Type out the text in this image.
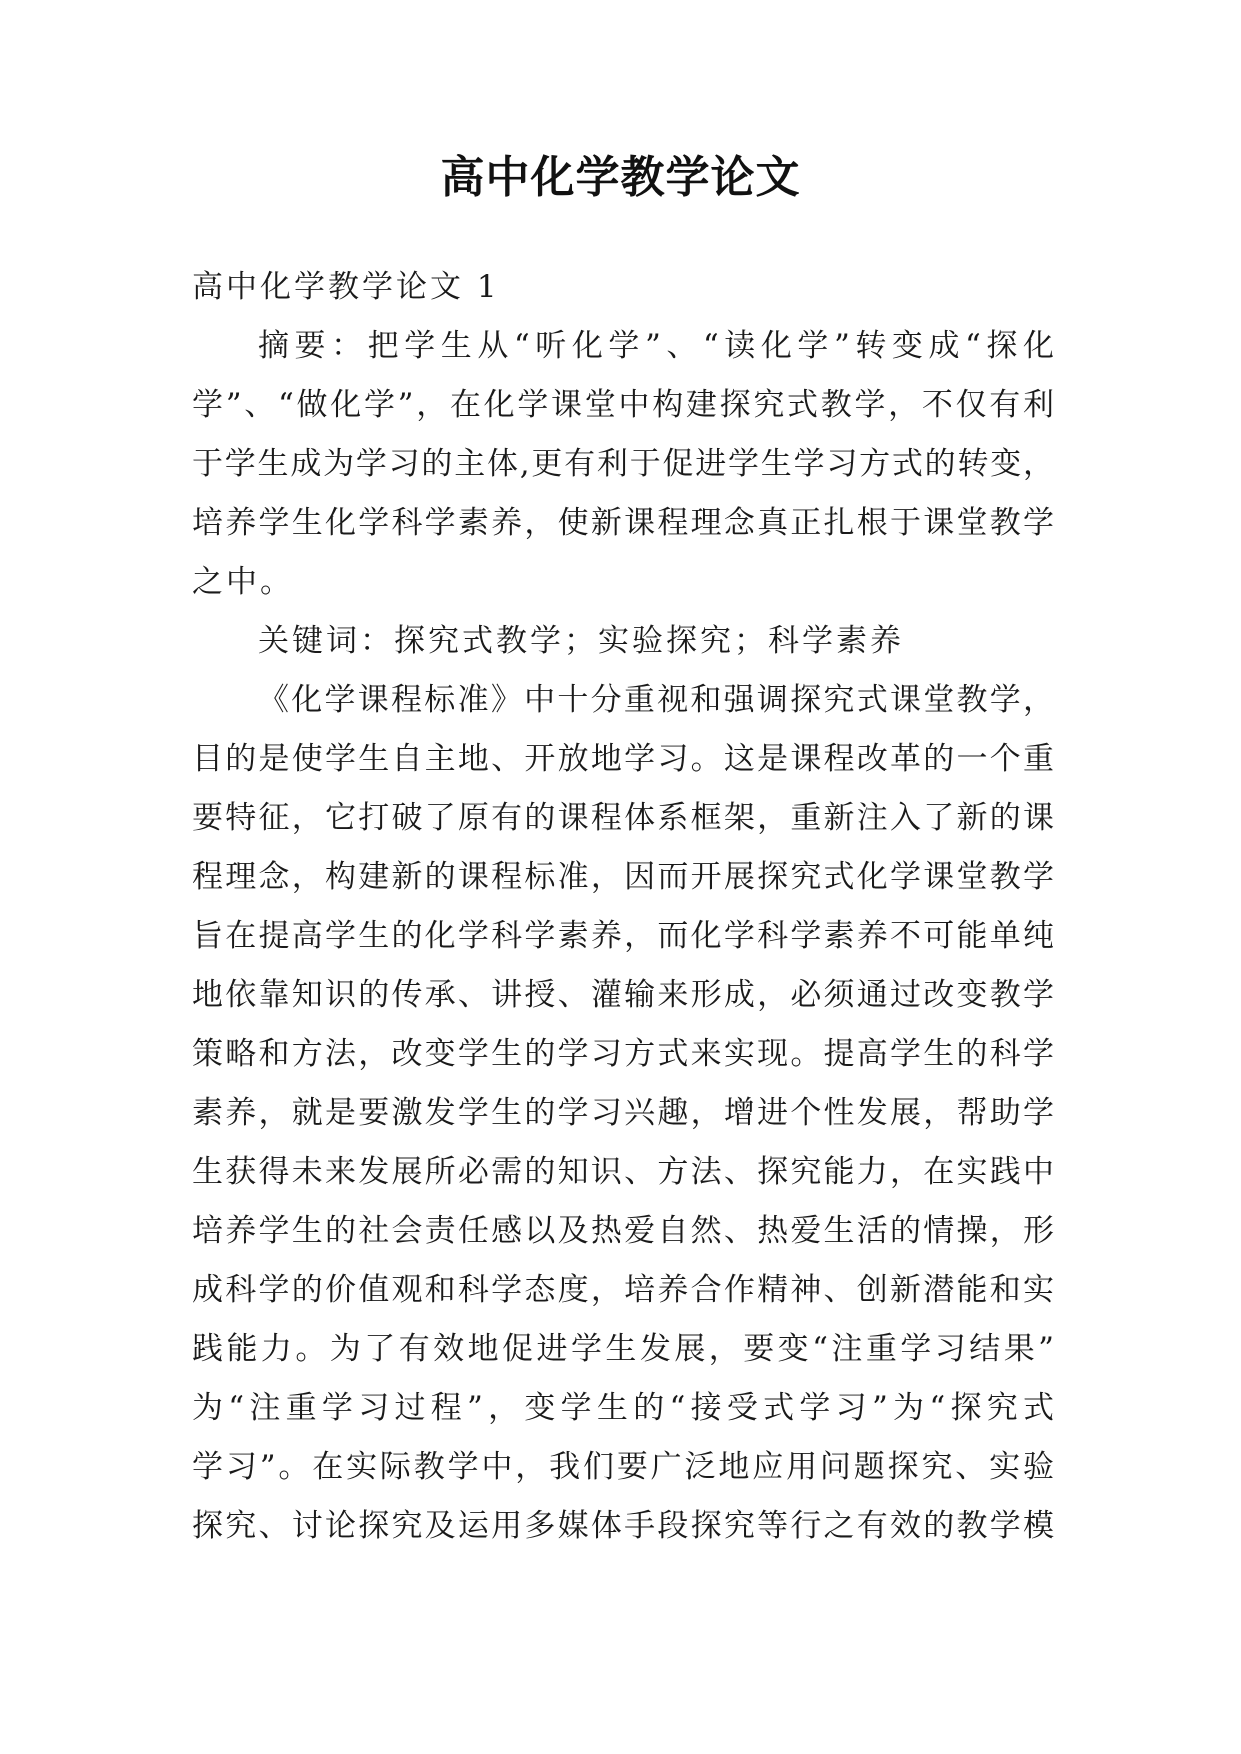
高中化学教学论文
高中化学教学论文 1
摘要：把学生从“听化学”、“读化学”转变成“探化
学”、“做化学”，在化学课堂中构建探究式教学，不仅有利
于学生成为学习的主体,更有利于促进学生学习方式的转变，
培养学生化学科学素养，使新课程理念真正扎根于课堂教学
之中。
关键词：探究式教学；实验探究；科学素养
《化学课程标准》中十分重视和强调探究式课堂教学，
目的是使学生自主地、开放地学习。这是课程改革的一个重
要特征，它打破了原有的课程体系框架，重新注入了新的课
程理念，构建新的课程标准，因而开展探究式化学课堂教学
旨在提高学生的化学科学素养，而化学科学素养不可能单纯
地依靠知识的传承、讲授、灌输来形成，必须通过改变教学
策略和方法，改变学生的学习方式来实现。提高学生的科学
素养，就是要激发学生的学习兴趣，增进个性发展，帮助学
生获得未来发展所必需的知识、方法、探究能力，在实践中
培养学生的社会责任感以及热爱自然、热爱生活的情操，形
成科学的价值观和科学态度，培养合作精神、创新潜能和实
践能力。为了有效地促进学生发展，要变“注重学习结果”
为“注重学习过程”，变学生的“接受式学习”为“探究式
学习”。在实际教学中，我们要广泛地应用问题探究、实验
探究、讨论探究及运用多媒体手段探究等行之有效的教学模
